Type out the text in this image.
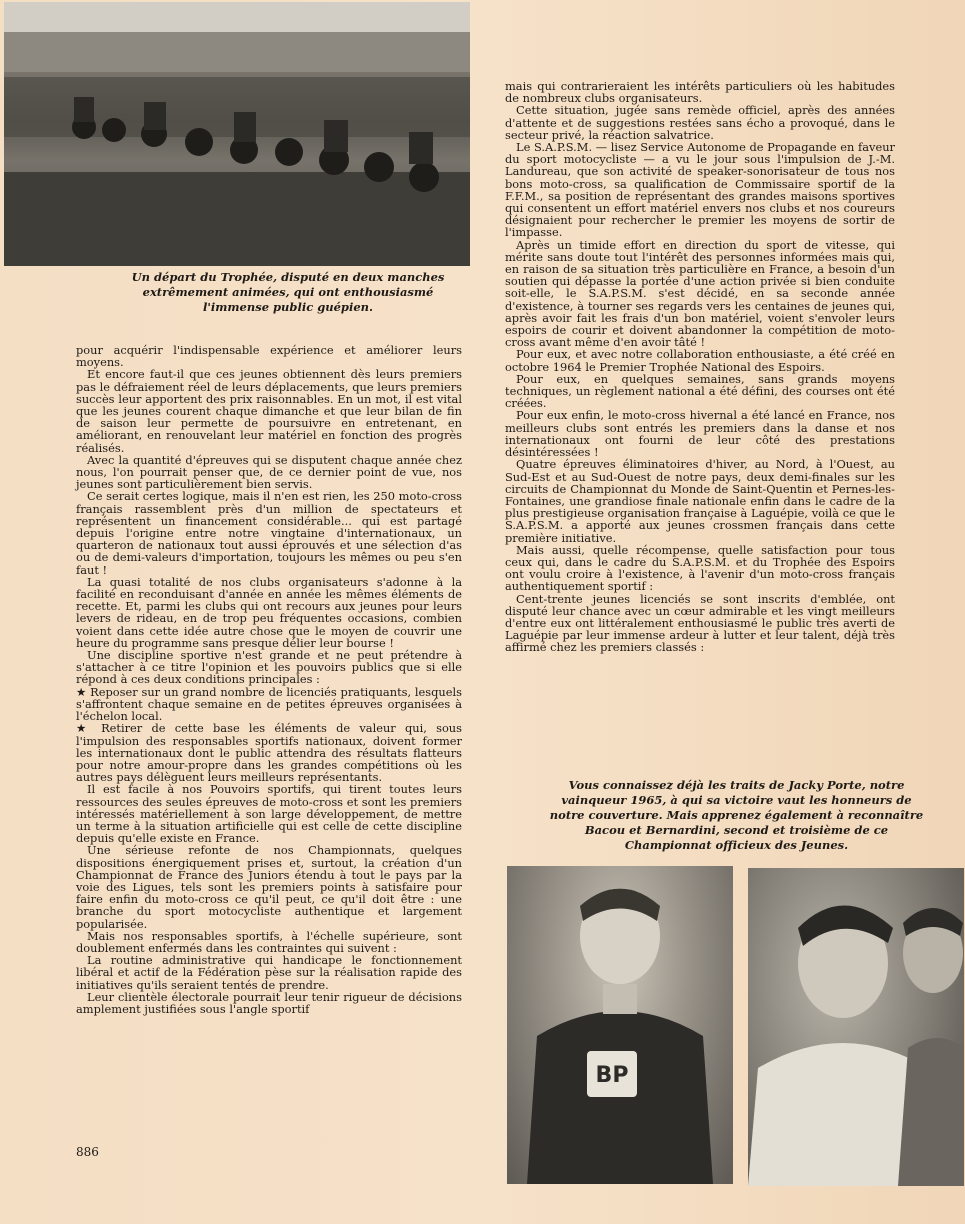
Un départ du Trophée, disputé en deux manches extrêmement animées, qui ont enthousiasmé l'immense public guépien.

pour acquérir l'indispensable expérience et améliorer leurs moyens.

Et encore faut-il que ces jeunes obtiennent dès leurs premiers pas le défraiement réel de leurs déplacements, que leurs premiers succès leur apportent des prix raisonnables. En un mot, il est vital que les jeunes courent chaque dimanche et que leur bilan de fin de saison leur permette de poursuivre en entretenant, en améliorant, en renouvelant leur matériel en fonction des progrès réalisés.

Avec la quantité d'épreuves qui se disputent chaque année chez nous, l'on pourrait penser que, de ce dernier point de vue, nos jeunes sont particulièrement bien servis.

Ce serait certes logique, mais il n'en est rien, les 250 moto-cross français rassemblent près d'un million de spectateurs et représentent un financement considérable... qui est partagé depuis l'origine entre notre vingtaine d'internationaux, un quarteron de nationaux tout aussi éprouvés et une sélection d'as ou de demi-valeurs d'importation, toujours les mêmes ou peu s'en faut !

La quasi totalité de nos clubs organisateurs s'adonne à la facilité en reconduisant d'année en année les mêmes éléments de recette. Et, parmi les clubs qui ont recours aux jeunes pour leurs levers de rideau, en de trop peu fréquentes occasions, combien voient dans cette idée autre chose que le moyen de couvrir une heure du programme sans presque délier leur bourse !

Une discipline sportive n'est grande et ne peut prétendre à s'attacher à ce titre l'opinion et les pouvoirs publics que si elle répond à ces deux conditions principales :

★ Reposer sur un grand nombre de licenciés pratiquants, lesquels s'affrontent chaque semaine en de petites épreuves organisées à l'échelon local.

★ Retirer de cette base les éléments de valeur qui, sous l'impulsion des responsables sportifs nationaux, doivent former les internationaux dont le public attendra des résultats flatteurs pour notre amour-propre dans les grandes compétitions où les autres pays délèguent leurs meilleurs représentants.

Il est facile à nos Pouvoirs sportifs, qui tirent toutes leurs ressources des seules épreuves de moto-cross et sont les premiers intéressés matériellement à son large développement, de mettre un terme à la situation artificielle qui est celle de cette discipline depuis qu'elle existe en France.

Une sérieuse refonte de nos Championnats, quelques dispositions énergiquement prises et, surtout, la création d'un Championnat de France des Juniors étendu à tout le pays par la voie des Ligues, tels sont les premiers points à satisfaire pour faire enfin du moto-cross ce qu'il peut, ce qu'il doit être : une branche du sport motocycliste authentique et largement popularisée.

Mais nos responsables sportifs, à l'échelle supérieure, sont doublement enfermés dans les contraintes qui suivent :

La routine administrative qui handicape le fonctionnement libéral et actif de la Fédération pèse sur la réalisation rapide des initiatives qu'ils seraient tentés de prendre.

Leur clientèle électorale pourrait leur tenir rigueur de décisions amplement justifiées sous l'angle sportif

mais qui contrarieraient les intérêts particuliers où les habitudes de nombreux clubs organisateurs.

Cette situation, jugée sans remède officiel, après des années d'attente et de suggestions restées sans écho a provoqué, dans le secteur privé, la réaction salvatrice.

Le S.A.P.S.M. — lisez Service Autonome de Propagande en faveur du sport motocycliste — a vu le jour sous l'impulsion de J.-M. Landureau, que son activité de speaker-sonorisateur de tous nos bons moto-cross, sa qualification de Commissaire sportif de la F.F.M., sa position de représentant des grandes maisons sportives qui consentent un effort matériel envers nos clubs et nos coureurs désignaient pour rechercher le premier les moyens de sortir de l'impasse.

Après un timide effort en direction du sport de vitesse, qui mérite sans doute tout l'intérêt des personnes informées mais qui, en raison de sa situation très particulière en France, a besoin d'un soutien qui dépasse la portée d'une action privée si bien conduite soit-elle, le S.A.P.S.M. s'est décidé, en sa seconde année d'existence, à tourner ses regards vers les centaines de jeunes qui, après avoir fait les frais d'un bon matériel, voient s'envoler leurs espoirs de courir et doivent abandonner la compétition de moto-cross avant même d'en avoir tâté !

Pour eux, et avec notre collaboration enthousiaste, a été créé en octobre 1964 le Premier Trophée National des Espoirs.

Pour eux, en quelques semaines, sans grands moyens techniques, un règlement national a été défini, des courses ont été créées.

Pour eux enfin, le moto-cross hivernal a été lancé en France, nos meilleurs clubs sont entrés les premiers dans la danse et nos internationaux ont fourni de leur côté des prestations désintéressées !

Quatre épreuves éliminatoires d'hiver, au Nord, à l'Ouest, au Sud-Est et au Sud-Ouest de notre pays, deux demi-finales sur les circuits de Championnat du Monde de Saint-Quentin et Pernes-les-Fontaines, une grandiose finale nationale enfin dans le cadre de la plus prestigieuse organisation française à Laguépie, voilà ce que le S.A.P.S.M. a apporté aux jeunes crossmen français dans cette première initiative.

Mais aussi, quelle récompense, quelle satisfaction pour tous ceux qui, dans le cadre du S.A.P.S.M. et du Trophée des Espoirs ont voulu croire à l'existence, à l'avenir d'un moto-cross français authentiquement sportif :

Cent-trente jeunes licenciés se sont inscrits d'emblée, ont disputé leur chance avec un cœur admirable et les vingt meilleurs d'entre eux ont littéralement enthousiasmé le public très averti de Laguépie par leur immense ardeur à lutter et leur talent, déjà très affirmé chez les premiers classés :

Vous connaissez déjà les traits de Jacky Porte, notre vainqueur 1965, à qui sa victoire vaut les honneurs de notre couverture. Mais apprenez également à reconnaître Bacou et Bernardini, second et troisième de ce Championnat officieux des Jeunes.

BP

886
